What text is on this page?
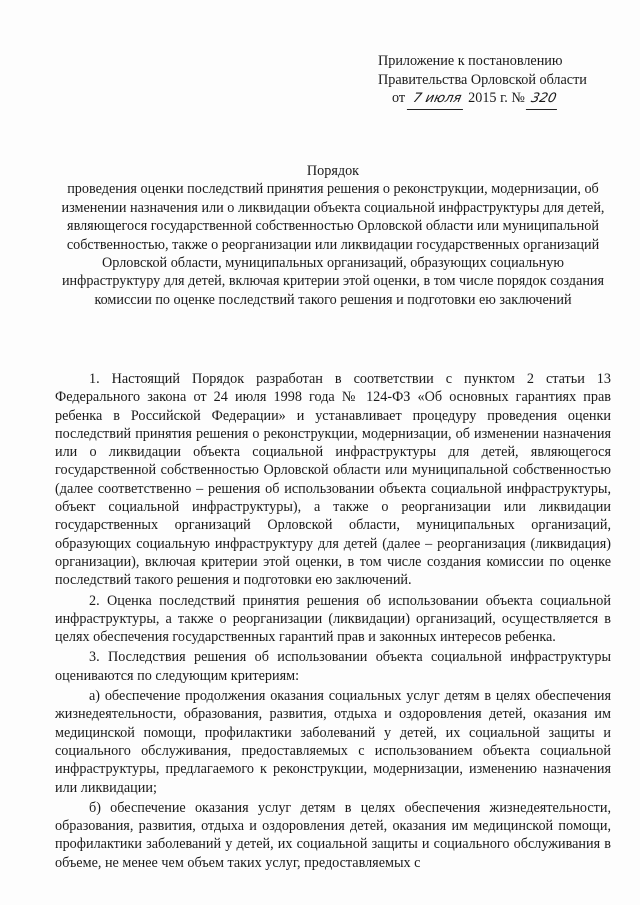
Приложение к постановлению
Правительства Орловской области
от 7 июля 2015 г. № 320
Порядок
проведения оценки последствий принятия решения о реконструкции, модернизации, об изменении назначения или о ликвидации объекта социальной инфраструктуры для детей, являющегося государственной собственностью Орловской области или муниципальной собственностью, также о реорганизации или ликвидации государственных организаций Орловской области, муниципальных организаций, образующих социальную инфраструктуру для детей, включая критерии этой оценки, в том числе порядок создания комиссии по оценке последствий такого решения и подготовки ею заключений

1. Настоящий Порядок разработан в соответствии с пунктом 2 статьи 13 Федерального закона от 24 июля 1998 года № 124-ФЗ «Об основных гарантиях прав ребенка в Российской Федерации» и устанавливает процедуру проведения оценки последствий принятия решения о реконструкции, модернизации, об изменении назначения или о ликвидации объекта социальной инфраструктуры для детей, являющегося государственной собственностью Орловской области или муниципальной собственностью (далее соответственно – решения об использовании объекта социальной инфраструктуры, объект социальной инфраструктуры), а также о реорганизации или ликвидации государственных организаций Орловской области, муниципальных организаций, образующих социальную инфраструктуру для детей (далее – реорганизация (ликвидация) организации), включая критерии этой оценки, в том числе создания комиссии по оценке последствий такого решения и подготовки ею заключений.

2. Оценка последствий принятия решения об использовании объекта социальной инфраструктуры, а также о реорганизации (ликвидации) организаций, осуществляется в целях обеспечения государственных гарантий прав и законных интересов ребенка.

3. Последствия решения об использовании объекта социальной инфраструктуры оцениваются по следующим критериям:

а) обеспечение продолжения оказания социальных услуг детям в целях обеспечения жизнедеятельности, образования, развития, отдыха и оздоровления детей, оказания им медицинской помощи, профилактики заболеваний у детей, их социальной защиты и социального обслуживания, предоставляемых с использованием объекта социальной инфраструктуры, предлагаемого к реконструкции, модернизации, изменению назначения или ликвидации;

б) обеспечение оказания услуг детям в целях обеспечения жизнедеятельности, образования, развития, отдыха и оздоровления детей, оказания им медицинской помощи, профилактики заболеваний у детей, их социальной защиты и социального обслуживания в объеме, не менее чем объем таких услуг, предоставляемых с
